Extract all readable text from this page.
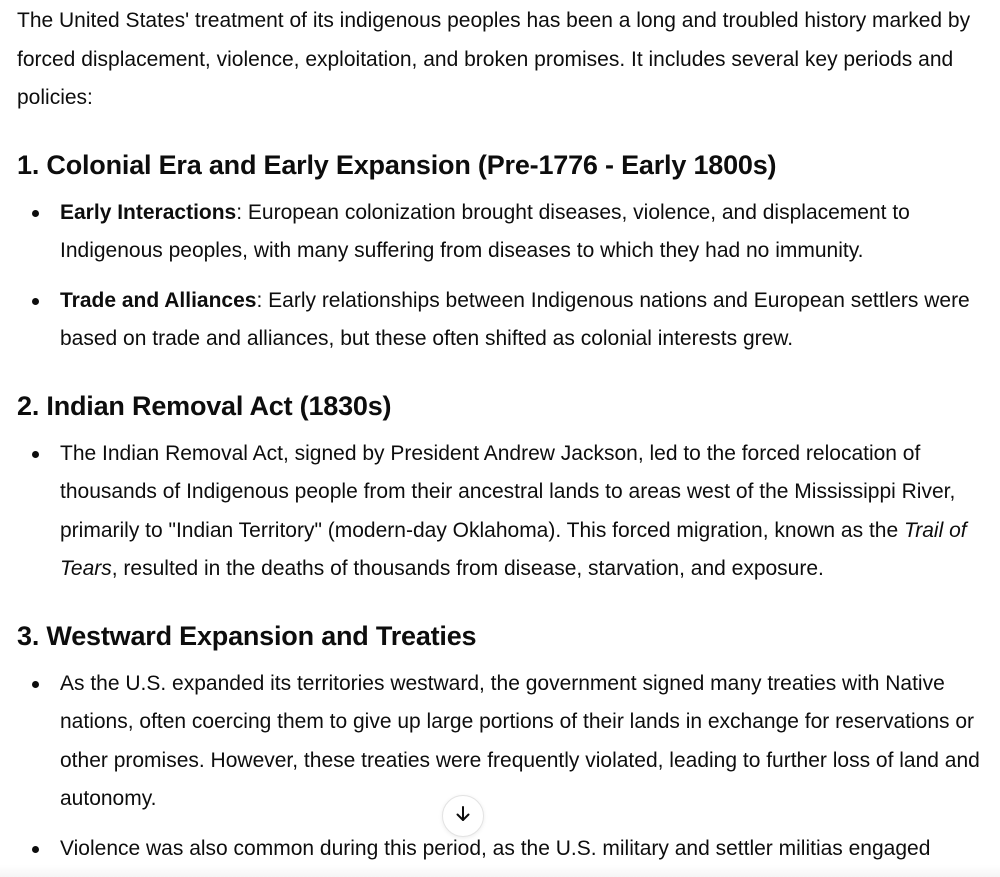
The United States' treatment of its indigenous peoples has been a long and troubled history marked by forced displacement, violence, exploitation, and broken promises. It includes several key periods and policies:

1. Colonial Era and Early Expansion (Pre-1776 - Early 1800s)
Early Interactions: European colonization brought diseases, violence, and displacement to Indigenous peoples, with many suffering from diseases to which they had no immunity.
Trade and Alliances: Early relationships between Indigenous nations and European settlers were based on trade and alliances, but these often shifted as colonial interests grew.
2. Indian Removal Act (1830s)
The Indian Removal Act, signed by President Andrew Jackson, led to the forced relocation of thousands of Indigenous people from their ancestral lands to areas west of the Mississippi River, primarily to "Indian Territory" (modern-day Oklahoma). This forced migration, known as the Trail of Tears, resulted in the deaths of thousands from disease, starvation, and exposure.
3. Westward Expansion and Treaties
As the U.S. expanded its territories westward, the government signed many treaties with Native nations, often coercing them to give up large portions of their lands in exchange for reservations or other promises. However, these treaties were frequently violated, leading to further loss of land and autonomy.
Violence was also common during this period, as the U.S. military and settler militias engaged
